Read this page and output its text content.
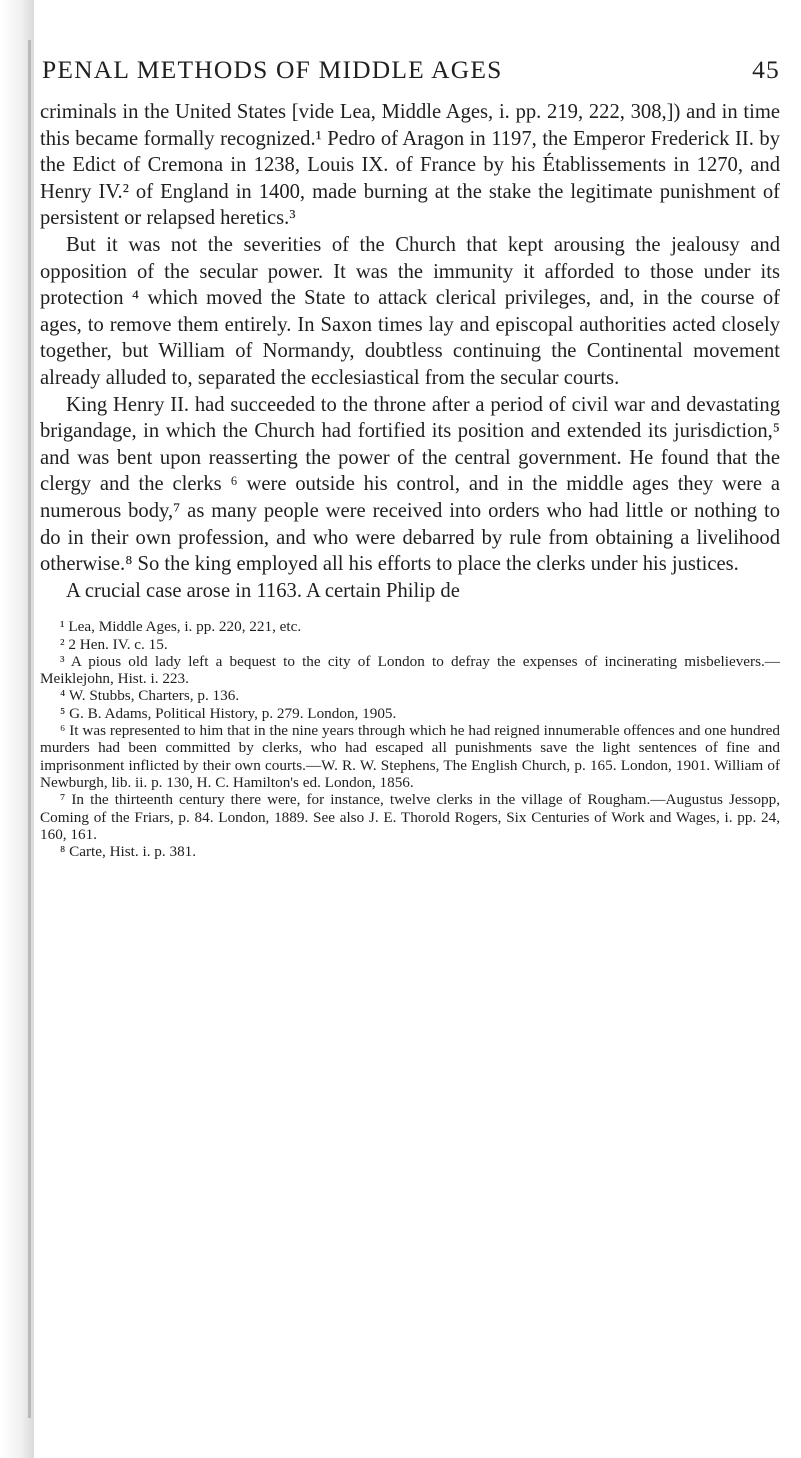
PENAL METHODS OF MIDDLE AGES	45

criminals in the United States [vide Lea, Middle Ages, i. pp. 219, 222, 308,]) and in time this became formally recognized.¹ Pedro of Aragon in 1197, the Emperor Frederick II. by the Edict of Cremona in 1238, Louis IX. of France by his Établissements in 1270, and Henry IV.² of England in 1400, made burning at the stake the legitimate punishment of persistent or relapsed heretics.³

But it was not the severities of the Church that kept arousing the jealousy and opposition of the secular power. It was the immunity it afforded to those under its protection ⁴ which moved the State to attack clerical privileges, and, in the course of ages, to remove them entirely. In Saxon times lay and episcopal authorities acted closely together, but William of Normandy, doubtless continuing the Continental movement already alluded to, separated the ecclesiastical from the secular courts.

King Henry II. had succeeded to the throne after a period of civil war and devastating brigandage, in which the Church had fortified its position and extended its jurisdiction,⁵ and was bent upon reasserting the power of the central government. He found that the clergy and the clerks ⁶ were outside his control, and in the middle ages they were a numerous body,⁷ as many people were received into orders who had little or nothing to do in their own profession, and who were debarred by rule from obtaining a livelihood otherwise.⁸ So the king employed all his efforts to place the clerks under his justices.

A crucial case arose in 1163. A certain Philip de

¹ Lea, Middle Ages, i. pp. 220, 221, etc.

² 2 Hen. IV. c. 15.

³ A pious old lady left a bequest to the city of London to defray the expenses of incinerating misbelievers.—Meiklejohn, Hist. i. 223.

⁴ W. Stubbs, Charters, p. 136.

⁵ G. B. Adams, Political History, p. 279. London, 1905.

⁶ It was represented to him that in the nine years through which he had reigned innumerable offences and one hundred murders had been committed by clerks, who had escaped all punishments save the light sentences of fine and imprisonment inflicted by their own courts.—W. R. W. Stephens, The English Church, p. 165. London, 1901. William of Newburgh, lib. ii. p. 130, H. C. Hamilton's ed. London, 1856.

⁷ In the thirteenth century there were, for instance, twelve clerks in the village of Rougham.—Augustus Jessopp, Coming of the Friars, p. 84. London, 1889. See also J. E. Thorold Rogers, Six Centuries of Work and Wages, i. pp. 24, 160, 161.

⁸ Carte, Hist. i. p. 381.
